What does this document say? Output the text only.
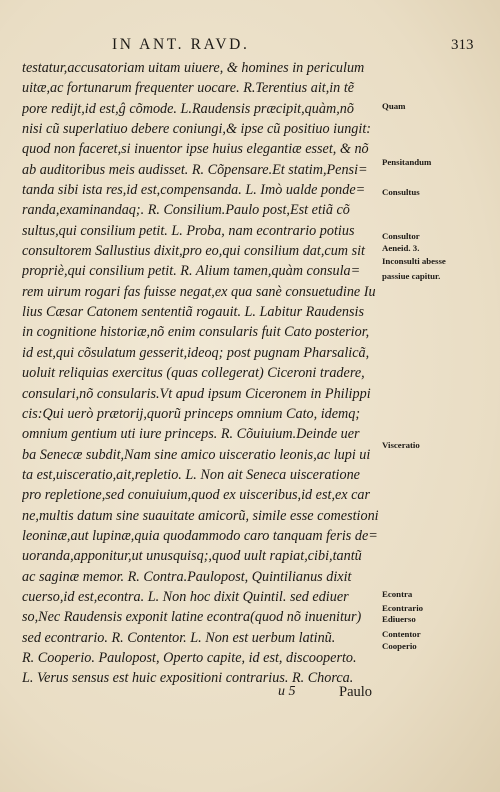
IN ANT. RAVD.	313
testatur,accusatoriam uitam uiuere, & homines in periculum
uitæ,ac fortunarum frequenter uocare. R.Terentius ait,in tẽ
pore redijt,id est,ĝ cõmode. L.Raudensis præcipit,quàm,nõ
nisi cũ superlatiuo debere coniungi,& ipse cũ positiuo iungit:
quod non faceret,si inuentor ipse huius elegantiæ esset, & nõ
ab auditoribus meis audisset. R. Cõpensare.Et statim,Pensi=
tanda sibi ista res,id est,compensanda. L. Imò ualde ponde=
randa,examinandaq;. R. Consilium.Paulo post,Est etiã cõ
sultus,qui consilium petit. L. Proba, nam econtrario potius
consultorem Sallustius dixit,pro eo,qui consilium dat,cum sit
propriè,qui consilium petit. R. Alium tamen,quàm consula=
rem uirum rogari fas fuisse negat,ex qua sanè consuetudine Iu
lius Cæsar Catonem sententiã rogauit. L. Labitur Raudensis
in cognitione historiæ,nõ enim consularis fuit Cato posterior,
id est,qui cõsulatum gesserit,ideoq; post pugnam Pharsalicã,
uoluit reliquias exercitus (quas collegerat) Ciceroni tradere,
consulari,nõ consularis.Vt apud ipsum Ciceronem in Philippi
cis:Qui uerò prætorij,quorũ princeps omnium Cato, idemq;
omnium gentium uti iure princeps. R. Cõuiuium.Deinde uer
ba Senecæ subdit,Nam sine amico uisceratio leonis,ac lupi ui
ta est,uisceratio,ait,repletio. L. Non ait Seneca uisceratione
pro repletione,sed conuiuium,quod ex uisceribus,id est,ex car
ne,multis datum sine suauitate amicorũ, simile esse comestioni
leoninæ,aut lupinæ,quia quodammodo caro tanquam feris de=
uoranda,apponitur,ut unusquisq;,quod uult rapiat,cibi,tantũ
ac saginæ memor. R. Contra.Paulopost, Quintilianus dixit
cuerso,id est,econtra. L. Non hoc dixit Quintil. sed ediuer
so,Nec Raudensis exponit latine econtra(quod nõ inuenitur)
sed econtrario. R. Contentor. L. Non est uerbum latinũ.
R. Cooperio. Paulopost, Operto capite, id est, discooperto.
L. Verus sensus est huic expositioni contrarius. R. Chorca.
Quam
Pensitandum
Consultus
Consultor
Aeneid. 3.
Inconsulti abesse
passiue capitur.
Visceratio
Econtra
Econtrario
Ediuerso
Contentor
Cooperio
u 5	Paulo
